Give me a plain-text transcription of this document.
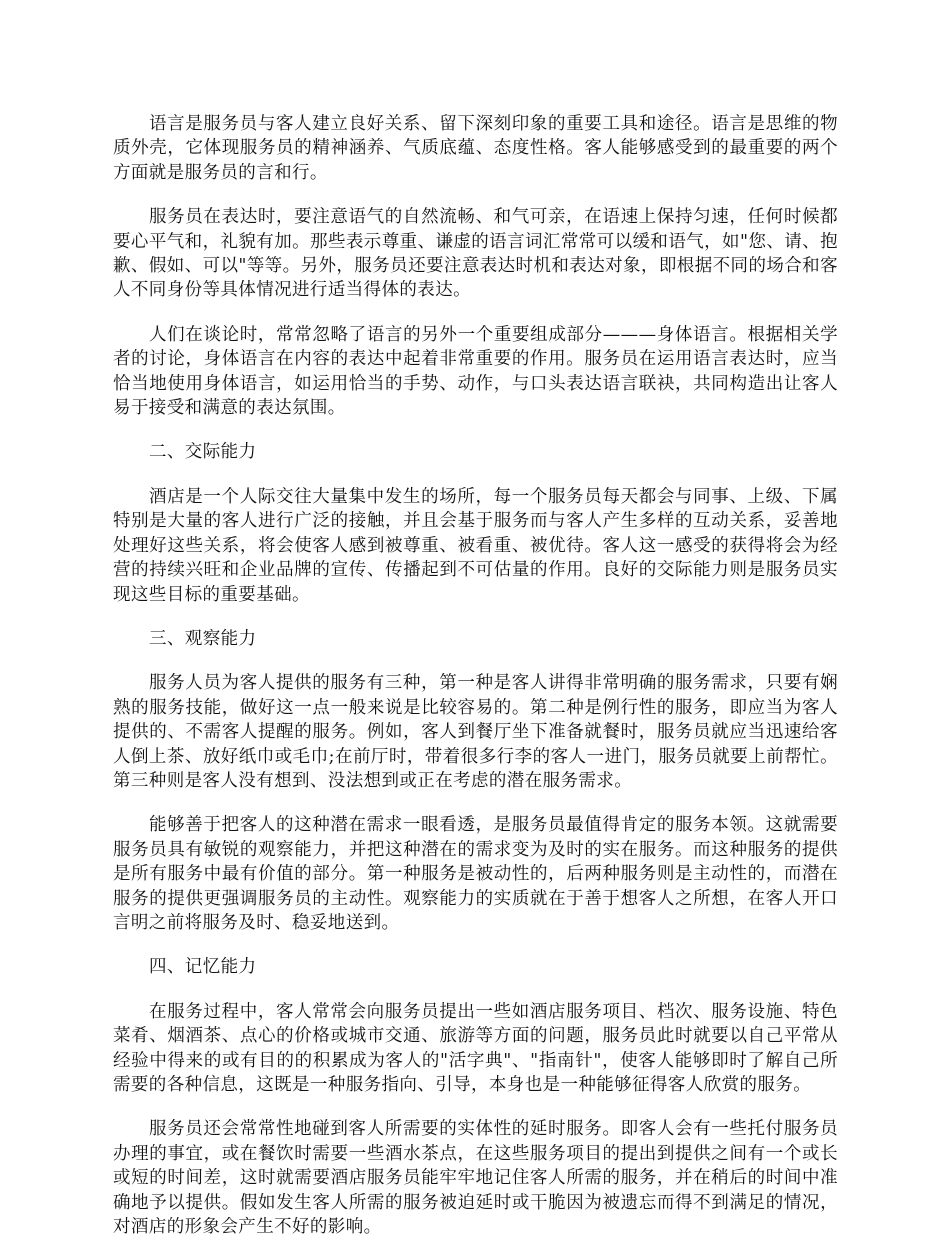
语言是服务员与客人建立良好关系、留下深刻印象的重要工具和途径。语言是思维的物质外壳，它体现服务员的精神涵养、气质底蕴、态度性格。客人能够感受到的最重要的两个方面就是服务员的言和行。

服务员在表达时，要注意语气的自然流畅、和气可亲，在语速上保持匀速，任何时候都要心平气和，礼貌有加。那些表示尊重、谦虚的语言词汇常常可以缓和语气，如"您、请、抱歉、假如、可以"等等。另外，服务员还要注意表达时机和表达对象，即根据不同的场合和客人不同身份等具体情况进行适当得体的表达。

人们在谈论时，常常忽略了语言的另外一个重要组成部分———身体语言。根据相关学者的讨论，身体语言在内容的表达中起着非常重要的作用。服务员在运用语言表达时，应当恰当地使用身体语言，如运用恰当的手势、动作，与口头表达语言联袂，共同构造出让客人易于接受和满意的表达氛围。

二、交际能力

酒店是一个人际交往大量集中发生的场所，每一个服务员每天都会与同事、上级、下属特别是大量的客人进行广泛的接触，并且会基于服务而与客人产生多样的互动关系，妥善地处理好这些关系，将会使客人感到被尊重、被看重、被优待。客人这一感受的获得将会为经营的持续兴旺和企业品牌的宣传、传播起到不可估量的作用。良好的交际能力则是服务员实现这些目标的重要基础。

三、观察能力

服务人员为客人提供的服务有三种，第一种是客人讲得非常明确的服务需求，只要有娴熟的服务技能，做好这一点一般来说是比较容易的。第二种是例行性的服务，即应当为客人提供的、不需客人提醒的服务。例如，客人到餐厅坐下准备就餐时，服务员就应当迅速给客人倒上茶、放好纸巾或毛巾;在前厅时，带着很多行李的客人一进门，服务员就要上前帮忙。第三种则是客人没有想到、没法想到或正在考虑的潜在服务需求。

能够善于把客人的这种潜在需求一眼看透，是服务员最值得肯定的服务本领。这就需要服务员具有敏锐的观察能力，并把这种潜在的需求变为及时的实在服务。而这种服务的提供是所有服务中最有价值的部分。第一种服务是被动性的，后两种服务则是主动性的，而潜在服务的提供更强调服务员的主动性。观察能力的实质就在于善于想客人之所想，在客人开口言明之前将服务及时、稳妥地送到。

四、记忆能力

在服务过程中，客人常常会向服务员提出一些如酒店服务项目、档次、服务设施、特色菜肴、烟酒茶、点心的价格或城市交通、旅游等方面的问题，服务员此时就要以自己平常从经验中得来的或有目的的积累成为客人的"活字典"、"指南针"，使客人能够即时了解自己所需要的各种信息，这既是一种服务指向、引导，本身也是一种能够征得客人欣赏的服务。

服务员还会常常性地碰到客人所需要的实体性的延时服务。即客人会有一些托付服务员办理的事宜，或在餐饮时需要一些酒水茶点，在这些服务项目的提出到提供之间有一个或长或短的时间差，这时就需要酒店服务员能牢牢地记住客人所需的服务，并在稍后的时间中准确地予以提供。假如发生客人所需的服务被迫延时或干脆因为被遗忘而得不到满足的情况，对酒店的形象会产生不好的影响。
